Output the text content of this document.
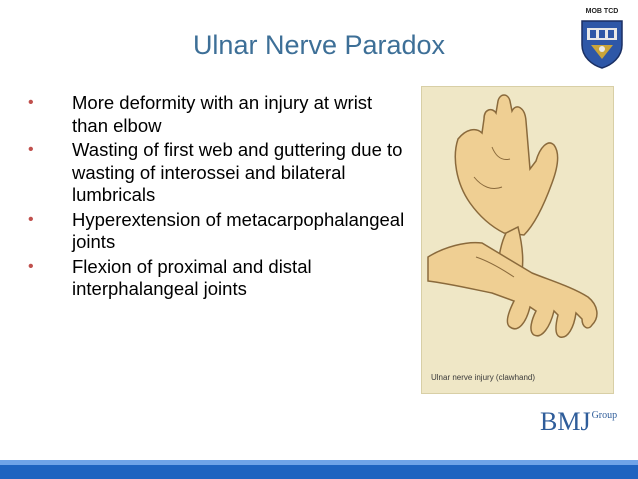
MOB TCD
Ulnar Nerve Paradox
•	More deformity with an injury at wrist than elbow
•	Wasting of first web and guttering due to wasting of interossei and bilateral lumbricals
•	Hyperextension of metacarpophalangeal joints
•	Flexion of proximal and distal interphalangeal joints
Ulnar nerve injury (clawhand)
$BMJ^{Group}$
